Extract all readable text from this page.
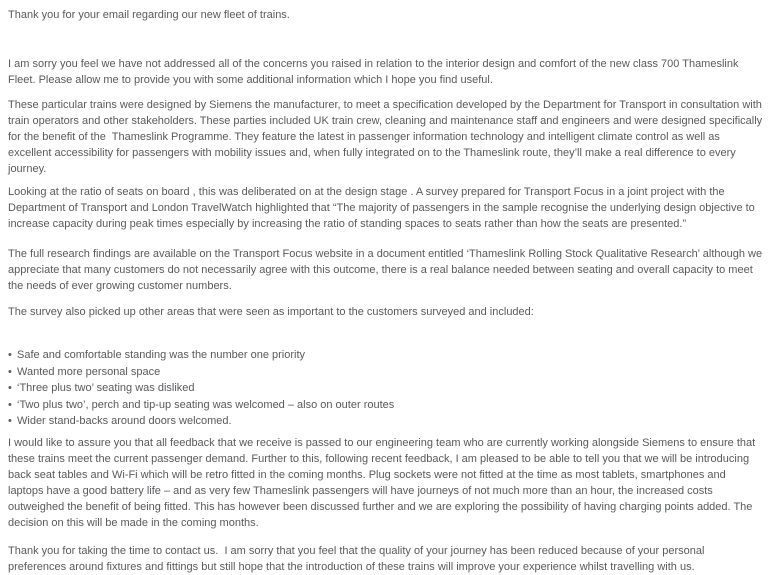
Thank you for your email regarding our new fleet of trains.

I am sorry you feel we have not addressed all of the concerns you raised in relation to the interior design and comfort of the new class 700 Thameslink Fleet. Please allow me to provide you with some additional information which I hope you find useful.

These particular trains were designed by Siemens the manufacturer, to meet a specification developed by the Department for Transport in consultation with train operators and other stakeholders. These parties included UK train crew, cleaning and maintenance staff and engineers and were designed specifically for the benefit of the  Thameslink Programme. They feature the latest in passenger information technology and intelligent climate control as well as excellent accessibility for passengers with mobility issues and, when fully integrated on to the Thameslink route, they’ll make a real difference to every journey.

Looking at the ratio of seats on board , this was deliberated on at the design stage . A survey prepared for Transport Focus in a joint project with the Department of Transport and London TravelWatch highlighted that “The majority of passengers in the sample recognise the underlying design objective to increase capacity during peak times especially by increasing the ratio of standing spaces to seats rather than how the seats are presented.”

The full research findings are available on the Transport Focus website in a document entitled ‘Thameslink Rolling Stock Qualitative Research’ although we appreciate that many customers do not necessarily agree with this outcome, there is a real balance needed between seating and overall capacity to meet the needs of ever growing customer numbers.

The survey also picked up other areas that were seen as important to the customers surveyed and included:

• Safe and comfortable standing was the number one priority
• Wanted more personal space
• ‘Three plus two’ seating was disliked
• ‘Two plus two’, perch and tip-up seating was welcomed – also on outer routes
• Wider stand-backs around doors welcomed.

I would like to assure you that all feedback that we receive is passed to our engineering team who are currently working alongside Siemens to ensure that these trains meet the current passenger demand. Further to this, following recent feedback, I am pleased to be able to tell you that we will be introducing  back seat tables and Wi-Fi which will be retro fitted in the coming months. Plug sockets were not fitted at the time as most tablets, smartphones and laptops have a good battery life – and as very few Thameslink passengers will have journeys of not much more than an hour, the increased costs outweighed the benefit of being fitted. This has however been discussed further and we are exploring the possibility of having charging points added. The decision on this will be made in the coming months.

Thank you for taking the time to contact us.  I am sorry that you feel that the quality of your journey has been reduced because of your personal preferences around fixtures and fittings but still hope that the introduction of these trains will improve your experience whilst travelling with us.
